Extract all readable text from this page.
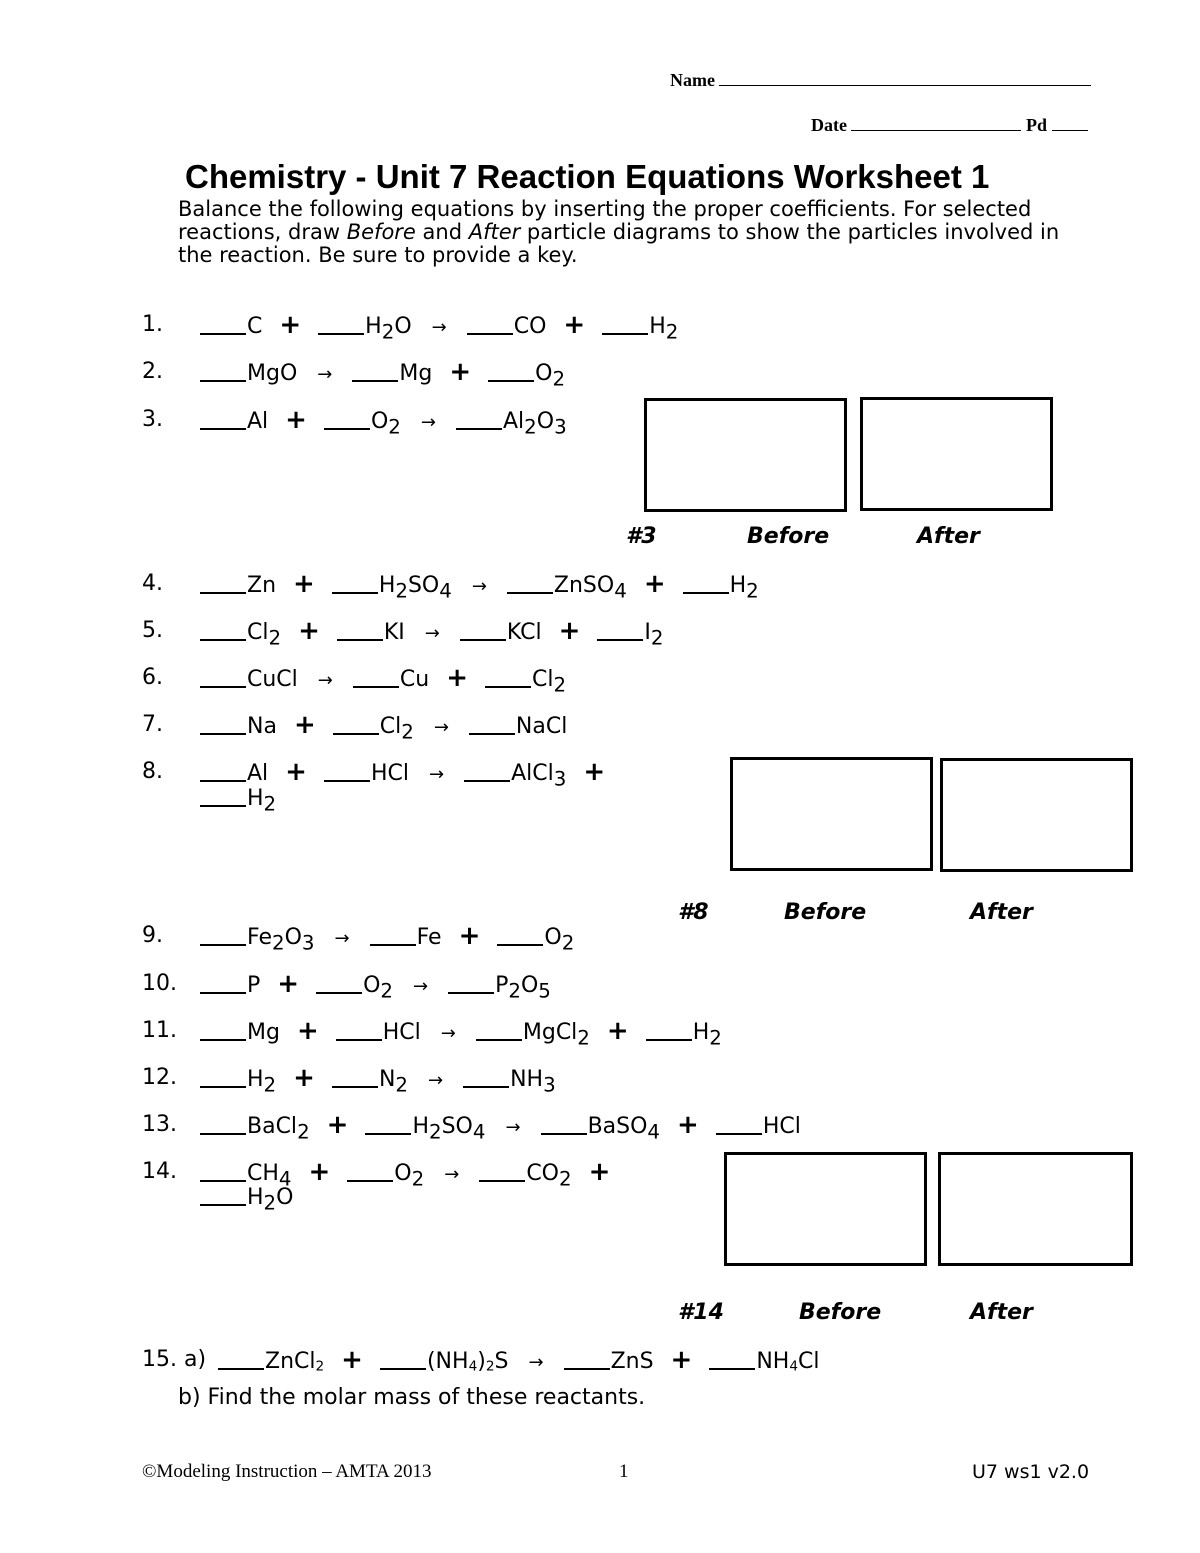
Name
Date	Pd
Chemistry - Unit 7 Reaction Equations Worksheet 1
Balance the following equations by inserting the proper coefficients. For selected reactions, draw Before and After particle diagrams to show the particles involved in the reaction. Be sure to provide a key.
1.	C +	$H_2O$ →	CO +	$H_2$
2.	MgO →	Mg +	$O_2$
3.	Al +	$O_2$ →	$Al_2O_3$
#3	Before	After
4.	Zn +	$H_2SO_4$ →	ZnSO$_4$ +	$H_2$
5.	$Cl_2$ +	KI →	KCl +	$I_2$
6.	CuCl →	Cu +	$Cl_2$
7.	Na +	$Cl_2$ →	NaCl
8.	Al +	HCl →	AlCl$_3$ +
$H_2$
#8	Before	After
9.	$Fe_2O_3$ →	Fe +	$O_2$
10.	P +	$O_2$ →	$P_2O_5$
11.	Mg +	HCl →	MgCl$_2$ +	$H_2$
12.	$H_2$ +	$N_2$ →	$NH_3$
13.	BaCl$_2$ +	$H_2SO_4$ →	BaSO$_4$ +	HCl
14.	$CH_4$ +	$O_2$ →	$CO_2$ +
$H_2O$
#14	Before	After
15. a)	ZnCl$_2$ +	$(NH_4)_2S$ →	ZnS +	$NH_4Cl$
b) Find the molar mass of these reactants.
©Modeling Instruction – AMTA 2013	1	U7 ws1 v2.0
